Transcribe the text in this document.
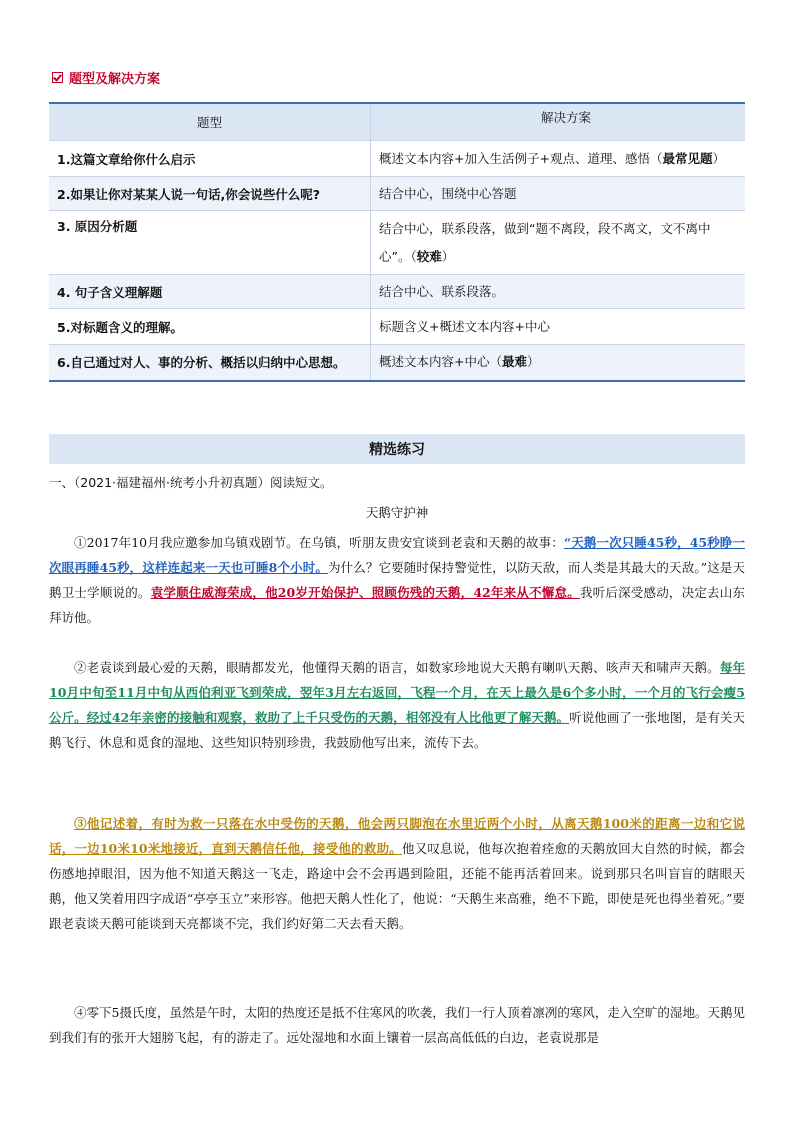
题型及解决方案
题型	解决方案
1.这篇文章给你什么启示	概述文本内容+加入生活例子+观点、道理、感悟（最常见题）
2.如果让你对某某人说一句话,你会说些什么呢?	结合中心，围绕中心答题
3. 原因分析题	结合中心，联系段落，做到“题不离段，段不离文，文不离中心”。（较难）
4. 句子含义理解题	结合中心、联系段落。
5.对标题含义的理解。	标题含义+概述文本内容+中心
6.自己通过对人、事的分析、概括以归纳中心思想。	概述文本内容+中心（最难）
精选练习
一、（2021·福建福州·统考小升初真题）阅读短文。
天鹅守护神

①2017年10月我应邀参加乌镇戏剧节。在乌镇，听朋友贵安宜谈到老袁和天鹅的故事：“天鹅一次只睡45秒，45秒睁一次眼再睡45秒，这样连起来一天也可睡8个小时。为什么？它要随时保持警觉性，以防天敌，而人类是其最大的天敌。”这是天鹅卫士学顺说的。袁学顺住威海荣成，他20岁开始保护、照顾伤残的天鹅，42年来从不懈怠。我听后深受感动，决定去山东拜访他。

②老袁谈到最心爱的天鹅，眼睛都发光，他懂得天鹅的语言，如数家珍地说大天鹅有喇叭天鹅、咳声天和啸声天鹅。每年10月中旬至11月中旬从西伯利亚飞到荣成，翌年3月左右返回，飞程一个月，在天上最久是6个多小时，一个月的飞行会瘦5公斤。经过42年亲密的接触和观察，救助了上千只受伤的天鹅，相邻没有人比他更了解天鹅。听说他画了一张地图，是有关天鹅飞行、休息和觅食的湿地、这些知识特别珍贵，我鼓励他写出来，流传下去。

③他记述着，有时为救一只落在水中受伤的天鹅，他会两只脚泡在水里近两个小时，从离天鹅100米的距离一边和它说话，一边10米10米地接近，直到天鹅信任他，接受他的救助。他又叹息说，他每次抱着痊愈的天鹅放回大自然的时候，都会伤感地掉眼泪，因为他不知道天鹅这一飞走，路途中会不会再遇到险阻，还能不能再活着回来。说到那只名叫盲盲的瞎眼天鹅，他又笑着用四字成语“亭亭玉立”来形容。他把天鹅人性化了，他说：“天鹅生来高雅，绝不下跪，即使是死也得坐着死。”要跟老袁谈天鹅可能谈到天亮都谈不完，我们约好第二天去看天鹅。

④零下5摄氏度，虽然是午时，太阳的热度还是抵不住寒风的吹袭，我们一行人顶着凛冽的寒风，走入空旷的湿地。天鹅见到我们有的张开大翅膀飞起，有的游走了。远处湿地和水面上镶着一层高高低低的白边，老袁说那是
